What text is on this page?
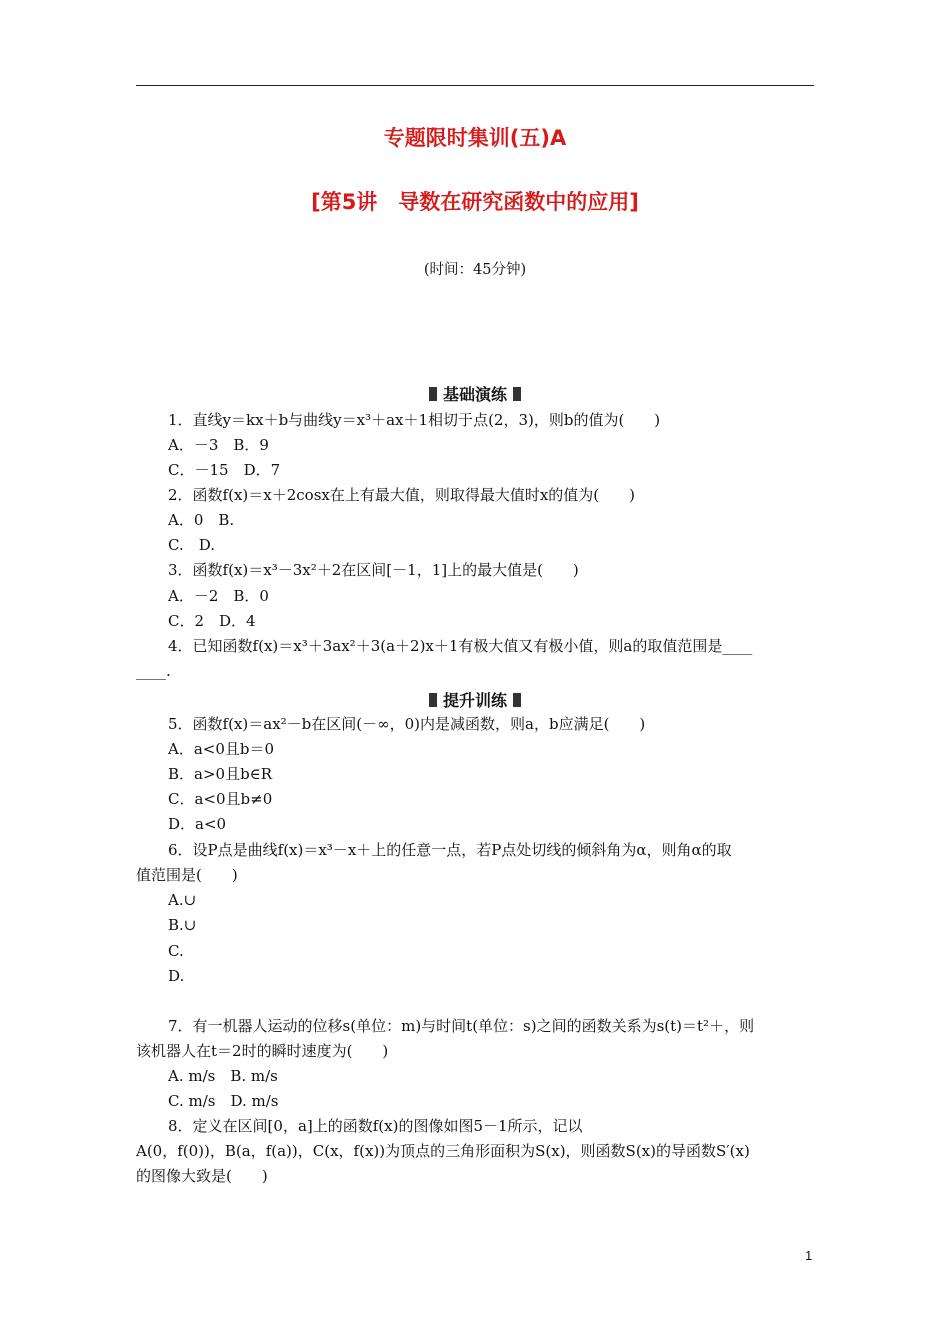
专题限时集训(五)A
[第5讲　导数在研究函数中的应用]
(时间：45分钟)
基础演练
1．直线y＝kx＋b与曲线y＝x³＋ax＋1相切于点(2，3)，则b的值为(　　)
A．－3　B．9
C．－15　D．7
2．函数f(x)＝x＋2cosx在上有最大值，则取得最大值时x的值为(　　)
A．0　B.
C.　D.
3．函数f(x)＝x³－3x²＋2在区间[－1，1]上的最大值是(　　)
A．－2　B．0
C．2　D．4
4．已知函数f(x)＝x³＋3ax²＋3(a＋2)x＋1有极大值又有极小值，则a的取值范围是____
____.
提升训练
5．函数f(x)＝ax²－b在区间(－∞，0)内是减函数，则a，b应满足(　　)
A．a<0且b＝0
B．a>0且b∈R
C．a<0且b≠0
D．a<0
6．设P点是曲线f(x)＝x³－x＋上的任意一点，若P点处切线的倾斜角为α，则角α的取
值范围是(　　)
A.∪
B.∪
C.
D.
7．有一机器人运动的位移s(单位：m)与时间t(单位：s)之间的函数关系为s(t)＝t²＋，则
该机器人在t＝2时的瞬时速度为(　　)
A. m/s　B. m/s
C. m/s　D. m/s
8．定义在区间[0，a]上的函数f(x)的图像如图5－1所示，记以
A(0，f(0))，B(a，f(a))，C(x，f(x))为顶点的三角形面积为S(x)，则函数S(x)的导函数S′(x)
的图像大致是(　　)
1
